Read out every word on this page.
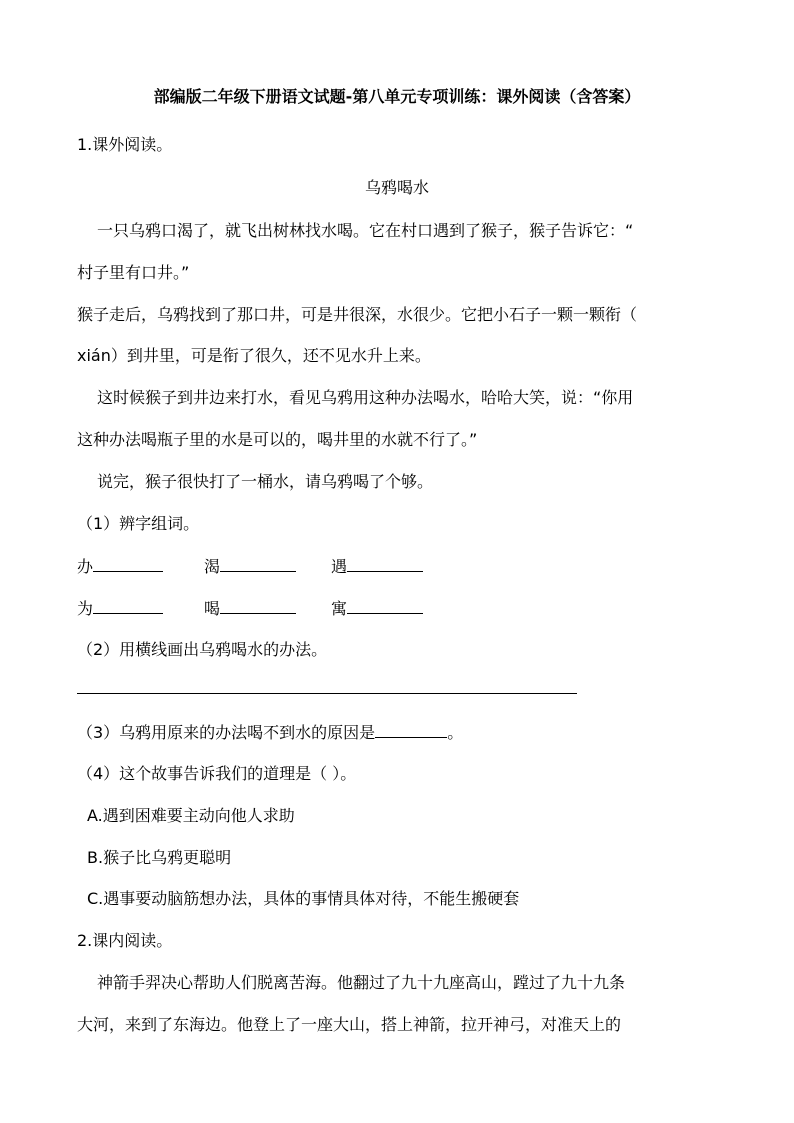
部编版二年级下册语文试题-第八单元专项训练：课外阅读（含答案）
1.课外阅读。
乌鸦喝水
一只乌鸦口渴了，就飞出树林找水喝。它在村口遇到了猴子，猴子告诉它：“
村子里有口井。”
猴子走后，乌鸦找到了那口井，可是井很深，水很少。它把小石子一颗一颗衔（
xián）到井里，可是衔了很久，还不见水升上来。
这时候猴子到井边来打水，看见乌鸦用这种办法喝水，哈哈大笑，说：“你用
这种办法喝瓶子里的水是可以的，喝井里的水就不行了。”
说完，猴子很快打了一桶水，请乌鸦喝了个够。
（1）辨字组词。
办	渴	遇
为	喝	寓
（2）用横线画出乌鸦喝水的办法。
（3）乌鸦用原来的办法喝不到水的原因是	。
（4）这个故事告诉我们的道理是（ ）。
A.遇到困难要主动向他人求助
B.猴子比乌鸦更聪明
C.遇事要动脑筋想办法，具体的事情具体对待，不能生搬硬套
2.课内阅读。
神箭手羿决心帮助人们脱离苦海。他翻过了九十九座高山，蹚过了九十九条
大河，来到了东海边。他登上了一座大山，搭上神箭，拉开神弓，对准天上的
